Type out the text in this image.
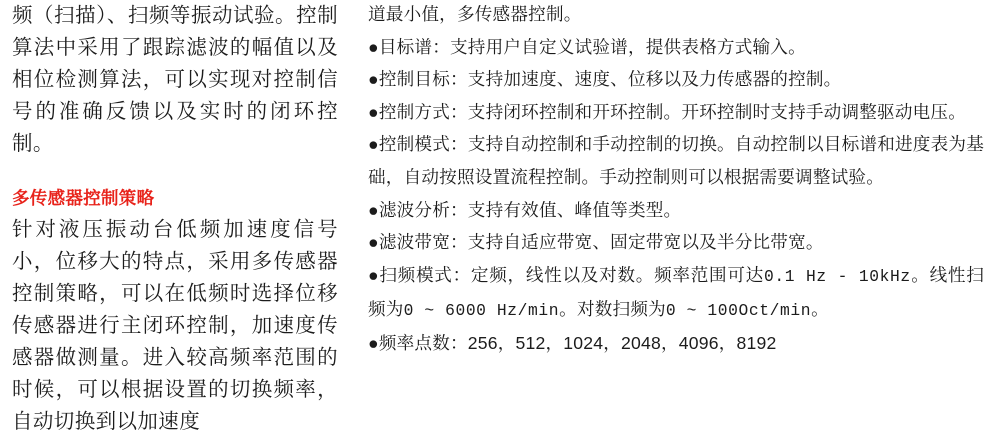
频（扫描）、扫频等振动试验。控制算法中采用了跟踪滤波的幅值以及相位检测算法，可以实现对控制信号的准确反馈以及实时的闭环控制。

多传感器控制策略

针对液压振动台低频加速度信号小，位移大的特点，采用多传感器控制策略，可以在低频时选择位移传感器进行主闭环控制，加速度传感器做测量。进入较高频率范围的时候，可以根据设置的切换频率，自动切换到以加速度

道最小值，多传感器控制。

●目标谱：支持用户自定义试验谱，提供表格方式输入。

●控制目标：支持加速度、速度、位移以及力传感器的控制。

●控制方式：支持闭环控制和开环控制。开环控制时支持手动调整驱动电压。

●控制模式：支持自动控制和手动控制的切换。自动控制以目标谱和进度表为基础，自动按照设置流程控制。手动控制则可以根据需要调整试验。

●滤波分析：支持有效值、峰值等类型。

●滤波带宽：支持自适应带宽、固定带宽以及半分比带宽。

●扫频模式：定频，线性以及对数。频率范围可达0.1 Hz - 10kHz。线性扫频为0 ~ 6000 Hz/min。对数扫频为0 ~ 100Oct/min。

●频率点数：256，512，1024，2048，4096，8192
